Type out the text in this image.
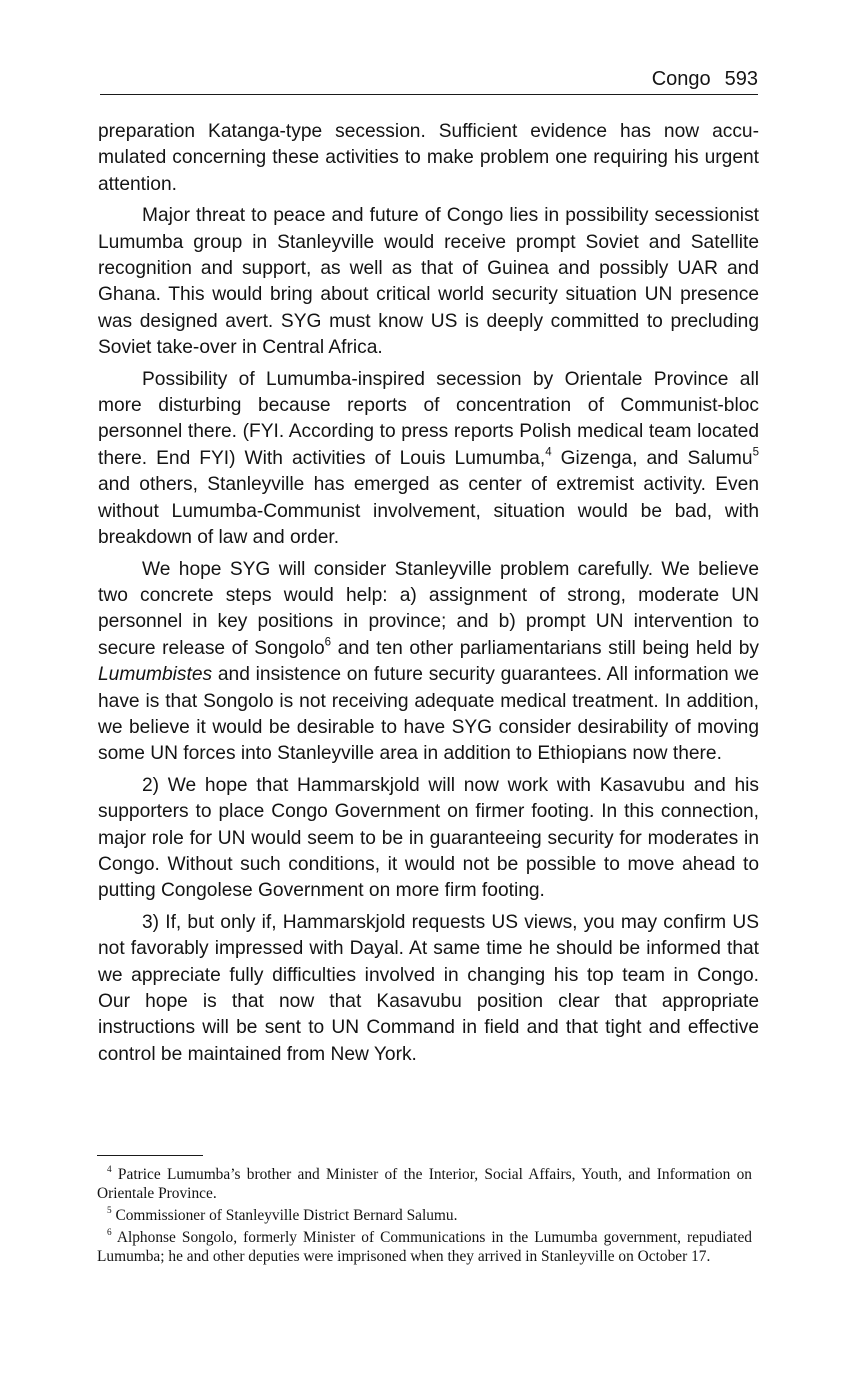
Congo 593

preparation Katanga-type secession. Sufficient evidence has now accumulated concerning these activities to make problem one requiring his urgent attention.

Major threat to peace and future of Congo lies in possibility secessionist Lumumba group in Stanleyville would receive prompt Soviet and Satellite recognition and support, as well as that of Guinea and possibly UAR and Ghana. This would bring about critical world security situation UN presence was designed avert. SYG must know US is deeply committed to precluding Soviet take-over in Central Africa.

Possibility of Lumumba-inspired secession by Orientale Province all more disturbing because reports of concentration of Communist-bloc personnel there. (FYI. According to press reports Polish medical team located there. End FYI) With activities of Louis Lumumba,$^4$ Gizenga, and Salumu$^5$ and others, Stanleyville has emerged as center of extremist activity. Even without Lumumba-Communist involvement, situation would be bad, with breakdown of law and order.

We hope SYG will consider Stanleyville problem carefully. We believe two concrete steps would help: a) assignment of strong, moderate UN personnel in key positions in province; and b) prompt UN intervention to secure release of Songolo$^6$ and ten other parliamentarians still being held by Lumumbistes and insistence on future security guarantees. All information we have is that Songolo is not receiving adequate medical treatment. In addition, we believe it would be desirable to have SYG consider desirability of moving some UN forces into Stanleyville area in addition to Ethiopians now there.

2) We hope that Hammarskjold will now work with Kasavubu and his supporters to place Congo Government on firmer footing. In this connection, major role for UN would seem to be in guaranteeing security for moderates in Congo. Without such conditions, it would not be possible to move ahead to putting Congolese Government on more firm footing.

3) If, but only if, Hammarskjold requests US views, you may confirm US not favorably impressed with Dayal. At same time he should be informed that we appreciate fully difficulties involved in changing his top team in Congo. Our hope is that now that Kasavubu position clear that appropriate instructions will be sent to UN Command in field and that tight and effective control be maintained from New York.

$^4$ Patrice Lumumba’s brother and Minister of the Interior, Social Affairs, Youth, and Information on Orientale Province.

$^5$ Commissioner of Stanleyville District Bernard Salumu.

$^6$ Alphonse Songolo, formerly Minister of Communications in the Lumumba government, repudiated Lumumba; he and other deputies were imprisoned when they arrived in Stanleyville on October 17.
